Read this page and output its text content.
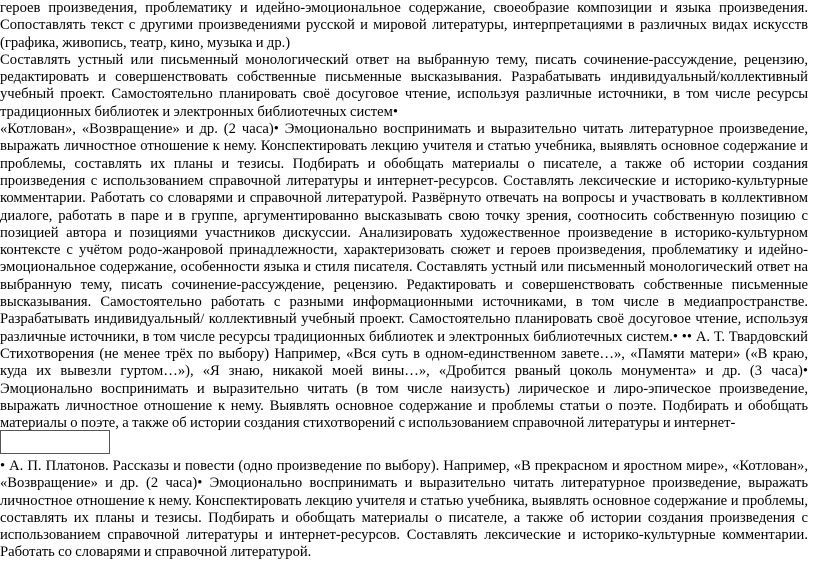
героев произведения, проблематику и идейно-эмоциональное содержание, своеобразие композиции и языка произведения. Сопоставлять текст с другими произведениями русской и мировой литературы, интерпретациями в различных видах искусств (графика, живопись, театр, кино, музыка и др.)

Составлять устный или письменный монологический ответ на выбранную тему, писать сочинение-рассуждение, рецензию, редактировать и совершенствовать собственные письменные высказывания. Разрабатывать индивидуальный/коллективный учебный проект. Самостоятельно планировать своё досуговое чтение, используя различные источники, в том числе ресурсы традиционных библиотек и электронных библиотечных систем•

«Котлован», «Возвращение» и др. (2 часа)• Эмоционально воспринимать и выразительно читать литературное произведение, выражать личностное отношение к нему. Конспектировать лекцию учителя и статью учебника, выявлять основное содержание и проблемы, составлять их планы и тезисы. Подбирать и обобщать материалы о писателе, а также об истории создания произведения с использованием справочной литературы и интернет-ресурсов. Составлять лексические и историко-культурные комментарии. Работать со словарями и справочной литературой. Развёрнуто отвечать на вопросы и участвовать в коллективном диалоге, работать в паре и в группе, аргументированно высказывать свою точку зрения, соотносить собственную позицию с позицией автора и позициями участников дискуссии. Анализировать художественное произведение в историко-культурном контексте с учётом родо-жанровой принадлежности, характеризовать сюжет и героев произведения, проблематику и идейно-эмоциональное содержание, особенности языка и стиля писателя. Составлять устный или письменный монологический ответ на выбранную тему, писать сочинение-рассуждение, рецензию. Редактировать и совершенствовать собственные письменные высказывания. Самостоятельно работать с разными информационными источниками, в том числе в медиапространстве. Разрабатывать индивидуальный/ коллективный учебный проект. Самостоятельно планировать своё досуговое чтение, используя различные источники, в том числе ресурсы традиционных библиотек и электронных библиотечных систем.• •• А. Т. Твардовский Стихотворения (не менее трёх по выбору) Например, «Вся суть в одном-единственном завете…», «Памяти матери» («В краю, куда их вывезли гуртом…»), «Я знаю, никакой моей вины…», «Дробится рваный цоколь монумента» и др. (3 часа)• Эмоционально воспринимать и выразительно читать (в том числе наизусть) лирическое и лиро-эпическое произведение, выражать личностное отношение к нему. Выявлять основное содержание и проблемы статьи о поэте. Подбирать и обобщать материалы о поэте, а также об истории создания стихотворений с использованием справочной литературы и интернет-

• А. П. Платонов. Рассказы и повести (одно произведение по выбору). Например, «В прекрасном и яростном мире», «Котлован», «Возвращение» и др. (2 часа)• Эмоционально воспринимать и выразительно читать литературное произведение, выражать личностное отношение к нему. Конспектировать лекцию учителя и статью учебника, выявлять основное содержание и проблемы, составлять их планы и тезисы. Подбирать и обобщать материалы о писателе, а также об истории создания произведения с использованием справочной литературы и интернет-ресурсов. Составлять лексические и историко-культурные комментарии. Работать со словарями и справочной литературой.
